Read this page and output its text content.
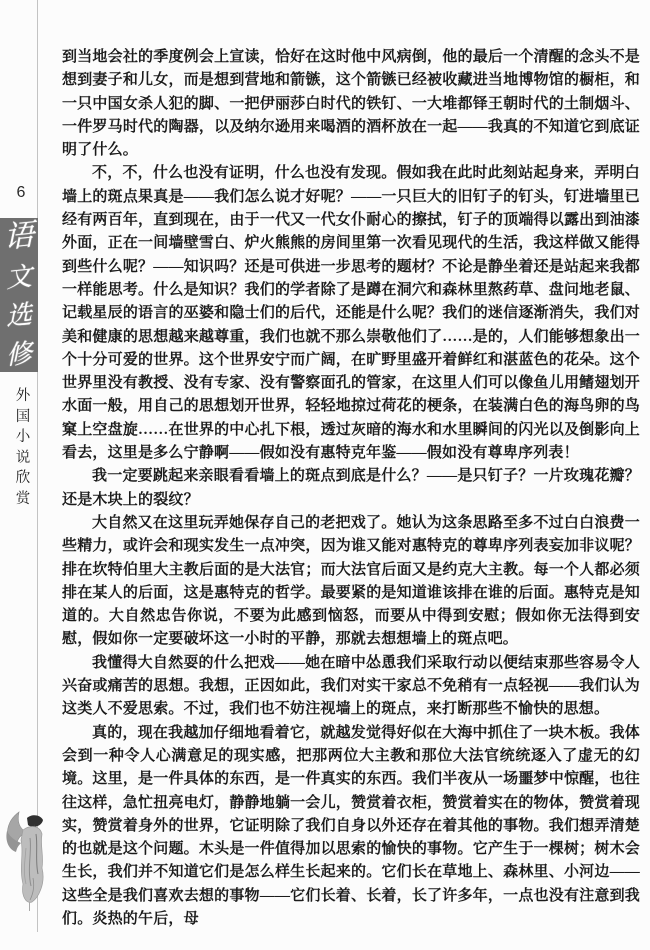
6
语
文
选
修
外
国
小
说
欣
赏

到当地会社的季度例会上宣读，恰好在这时他中风病倒，他的最后一个清醒的念头不是想到妻子和儿女，而是想到营地和箭镞，这个箭镞已经被收藏进当地博物馆的橱柜，和一只中国女杀人犯的脚、一把伊丽莎白时代的铁钉、一大堆都铎王朝时代的土制烟斗、一件罗马时代的陶器，以及纳尔逊用来喝酒的酒杯放在一起——我真的不知道它到底证明了什么。

不，不，什么也没有证明，什么也没有发现。假如我在此时此刻站起身来，弄明白墙上的斑点果真是——我们怎么说才好呢？——一只巨大的旧钉子的钉头，钉进墙里已经有两百年，直到现在，由于一代又一代女仆耐心的擦拭，钉子的顶端得以露出到油漆外面，正在一间墙壁雪白、炉火熊熊的房间里第一次看见现代的生活，我这样做又能得到些什么呢？——知识吗？还是可供进一步思考的题材？不论是静坐着还是站起来我都一样能思考。什么是知识？我们的学者除了是蹲在洞穴和森林里熬药草、盘问地老鼠、记载星辰的语言的巫婆和隐士们的后代，还能是什么呢？我们的迷信逐渐消失，我们对美和健康的思想越来越尊重，我们也就不那么崇敬他们了……是的，人们能够想象出一个十分可爱的世界。这个世界安宁而广阔，在旷野里盛开着鲜红和湛蓝色的花朵。这个世界里没有教授、没有专家、没有警察面孔的管家，在这里人们可以像鱼儿用鳍翅划开水面一般，用自己的思想划开世界，轻轻地掠过荷花的梗条，在装满白色的海鸟卵的鸟窠上空盘旋……在世界的中心扎下根，透过灰暗的海水和水里瞬间的闪光以及倒影向上看去，这里是多么宁静啊——假如没有惠特克年鉴——假如没有尊卑序列表！

我一定要跳起来亲眼看看墙上的斑点到底是什么？——是只钉子？一片玫瑰花瓣？还是木块上的裂纹？

大自然又在这里玩弄她保存自己的老把戏了。她认为这条思路至多不过白白浪费一些精力，或许会和现实发生一点冲突，因为谁又能对惠特克的尊卑序列表妄加非议呢？排在坎特伯里大主教后面的是大法官；而大法官后面又是约克大主教。每一个人都必须排在某人的后面，这是惠特克的哲学。最要紧的是知道谁该排在谁的后面。惠特克是知道的。大自然忠告你说，不要为此感到恼怒，而要从中得到安慰；假如你无法得到安慰，假如你一定要破坏这一小时的平静，那就去想想墙上的斑点吧。

我懂得大自然耍的什么把戏——她在暗中怂恿我们采取行动以便结束那些容易令人兴奋或痛苦的思想。我想，正因如此，我们对实干家总不免稍有一点轻视——我们认为这类人不爱思索。不过，我们也不妨注视墙上的斑点，来打断那些不愉快的思想。

真的，现在我越加仔细地看着它，就越发觉得好似在大海中抓住了一块木板。我体会到一种令人心满意足的现实感，把那两位大主教和那位大法官统统逐入了虚无的幻境。这里，是一件具体的东西，是一件真实的东西。我们半夜从一场噩梦中惊醒，也往往这样，急忙扭亮电灯，静静地躺一会儿，赞赏着衣柜，赞赏着实在的物体，赞赏着现实，赞赏着身外的世界，它证明除了我们自身以外还存在着其他的事物。我们想弄清楚的也就是这个问题。木头是一件值得加以思索的愉快的事物。它产生于一棵树；树木会生长，我们并不知道它们是怎么样生长起来的。它们长在草地上、森林里、小河边——这些全是我们喜欢去想的事物——它们长着、长着，长了许多年，一点也没有注意到我们。炎热的午后，母
